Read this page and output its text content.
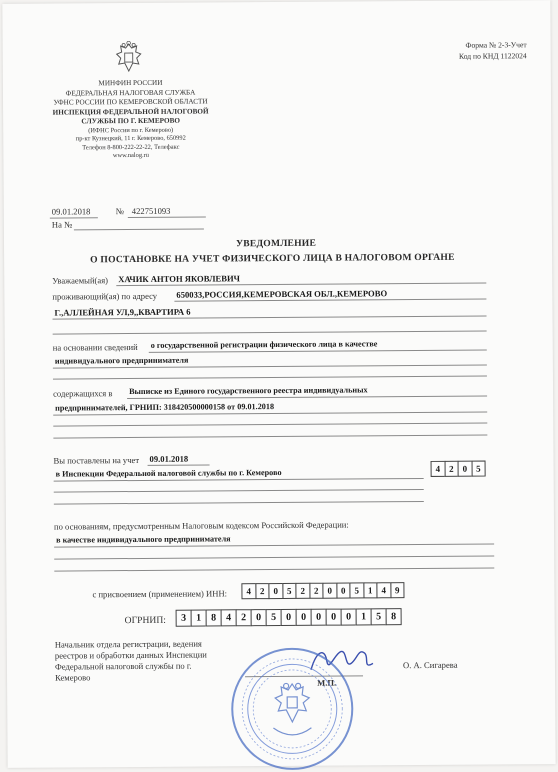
МИНФИН РОССИИ
ФЕДЕРАЛЬНАЯ НАЛОГОВАЯ СЛУЖБА
УФНС РОССИИ ПО КЕМЕРОВСКОЙ ОБЛАСТИ
ИНСПЕКЦИЯ ФЕДЕРАЛЬНОЙ НАЛОГОВОЙ
СЛУЖБЫ ПО Г. КЕМЕРОВО
(ИФНС России по г. Кемерово)
пр-кт Кузнецкий, 11 г. Кемерово, 650992
Телефон 8-800-222-22-22, Телефакс
www.nalog.ru
Форма № 2-3-Учет
Код по КНД 1122024
09.01.2018	№ 422751093
На №
УВЕДОМЛЕНИЕ
О ПОСТАНОВКЕ НА УЧЕТ ФИЗИЧЕСКОГО ЛИЦА В НАЛОГОВОМ ОРГАНЕ
Уважаемый(ая) ХАЧИК АНТОН ЯКОВЛЕВИЧ
проживающий(ая) по адресу 650033,РОССИЯ,КЕМЕРОВСКАЯ ОБЛ.,КЕМЕРОВО
Г.,АЛЛЕЙНАЯ УЛ,9,,КВАРТИРА 6
на основании сведений о государственной регистрации физического лица в качестве
индивидуального предпринимателя
содержащихся в Выписке из Единого государственного реестра индивидуальных
предпринимателей, ГРНИП: 318420500000158 от 09.01.2018
Вы поставлены на учет 09.01.2018
в Инспекции Федеральной налоговой службы по г. Кемерово	4 2 0 5
по основаниям, предусмотренным Налоговым кодексом Российской Федерации:
в качестве индивидуального предпринимателя
с присвоением (применением) ИНН:	4 2 0 5 2 2 0 0 5 1 4 9
ОГРНИП:	3 1 8 4 2 0 5 0 0 0 0 0 1 5 8
Начальник отдела регистрации, ведения
реестров и обработки данных Инспекции
Федеральной налоговой службы по г.
Кемерово
М.П.
О. А. Сигарева
